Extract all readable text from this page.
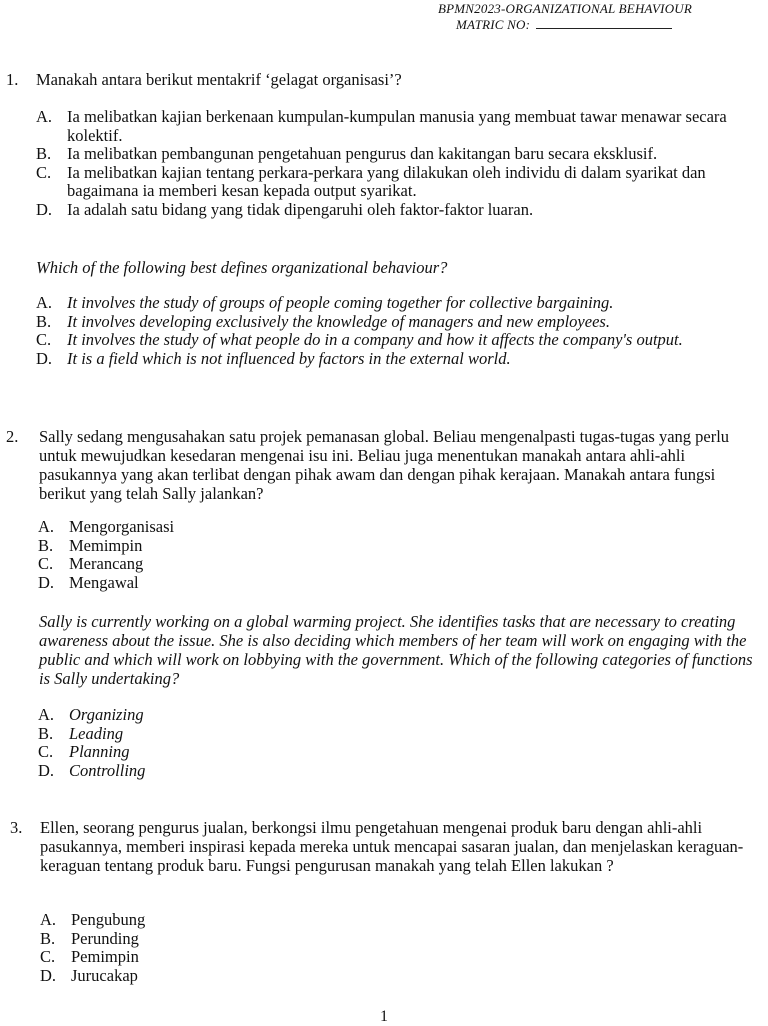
BPMN2023-ORGANIZATIONAL BEHAVIOUR
MATRIC NO:
1. Manakah antara berikut mentakrif ‘gelagat organisasi’?
A. Ia melibatkan kajian berkenaan kumpulan-kumpulan manusia yang membuat tawar menawar secara kolektif.
B. Ia melibatkan pembangunan pengetahuan pengurus dan kakitangan baru secara eksklusif.
C. Ia melibatkan kajian tentang perkara-perkara yang dilakukan oleh individu di dalam syarikat dan bagaimana ia memberi kesan kepada output syarikat.
D. Ia adalah satu bidang yang tidak dipengaruhi oleh faktor-faktor luaran.
Which of the following best defines organizational behaviour?
A. It involves the study of groups of people coming together for collective bargaining.
B. It involves developing exclusively the knowledge of managers and new employees.
C. It involves the study of what people do in a company and how it affects the company's output.
D. It is a field which is not influenced by factors in the external world.
2. Sally sedang mengusahakan satu projek pemanasan global. Beliau mengenalpasti tugas-tugas yang perlu untuk mewujudkan kesedaran mengenai isu ini. Beliau juga menentukan manakah antara ahli-ahli pasukannya yang akan terlibat dengan pihak awam dan dengan pihak kerajaan. Manakah antara fungsi berikut yang telah Sally jalankan?
A. Mengorganisasi
B. Memimpin
C. Merancang
D. Mengawal
Sally is currently working on a global warming project. She identifies tasks that are necessary to creating awareness about the issue. She is also deciding which members of her team will work on engaging with the public and which will work on lobbying with the government. Which of the following categories of functions is Sally undertaking?
A. Organizing
B. Leading
C. Planning
D. Controlling
3. Ellen, seorang pengurus jualan, berkongsi ilmu pengetahuan mengenai produk baru dengan ahli-ahli pasukannya, memberi inspirasi kepada mereka untuk mencapai sasaran jualan, dan menjelaskan keraguan-keraguan tentang produk baru. Fungsi pengurusan manakah yang telah Ellen lakukan ?
A. Pengubung
B. Perunding
C. Pemimpin
D. Jurucakap
1
